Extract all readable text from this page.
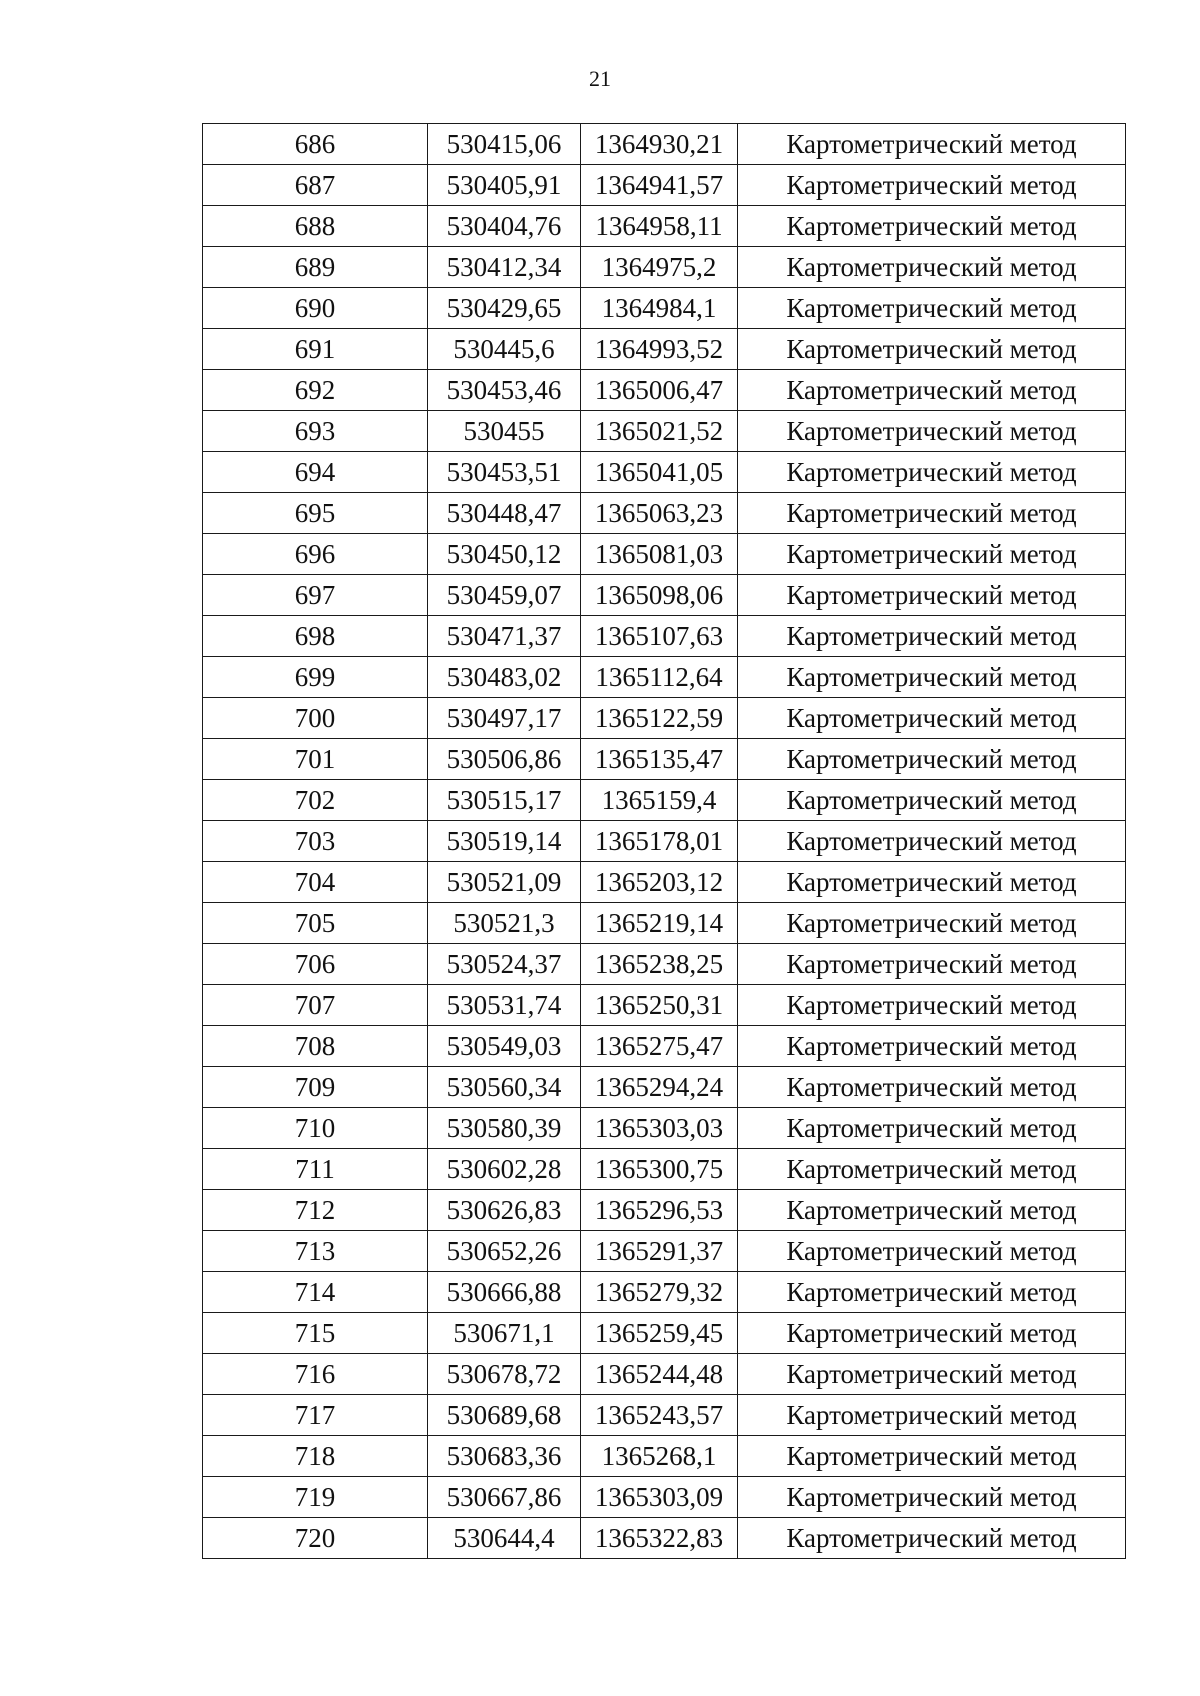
21
686	530415,06	1364930,21	Картометрический метод
687	530405,91	1364941,57	Картометрический метод
688	530404,76	1364958,11	Картометрический метод
689	530412,34	1364975,2	Картометрический метод
690	530429,65	1364984,1	Картометрический метод
691	530445,6	1364993,52	Картометрический метод
692	530453,46	1365006,47	Картометрический метод
693	530455	1365021,52	Картометрический метод
694	530453,51	1365041,05	Картометрический метод
695	530448,47	1365063,23	Картометрический метод
696	530450,12	1365081,03	Картометрический метод
697	530459,07	1365098,06	Картометрический метод
698	530471,37	1365107,63	Картометрический метод
699	530483,02	1365112,64	Картометрический метод
700	530497,17	1365122,59	Картометрический метод
701	530506,86	1365135,47	Картометрический метод
702	530515,17	1365159,4	Картометрический метод
703	530519,14	1365178,01	Картометрический метод
704	530521,09	1365203,12	Картометрический метод
705	530521,3	1365219,14	Картометрический метод
706	530524,37	1365238,25	Картометрический метод
707	530531,74	1365250,31	Картометрический метод
708	530549,03	1365275,47	Картометрический метод
709	530560,34	1365294,24	Картометрический метод
710	530580,39	1365303,03	Картометрический метод
711	530602,28	1365300,75	Картометрический метод
712	530626,83	1365296,53	Картометрический метод
713	530652,26	1365291,37	Картометрический метод
714	530666,88	1365279,32	Картометрический метод
715	530671,1	1365259,45	Картометрический метод
716	530678,72	1365244,48	Картометрический метод
717	530689,68	1365243,57	Картометрический метод
718	530683,36	1365268,1	Картометрический метод
719	530667,86	1365303,09	Картометрический метод
720	530644,4	1365322,83	Картометрический метод
